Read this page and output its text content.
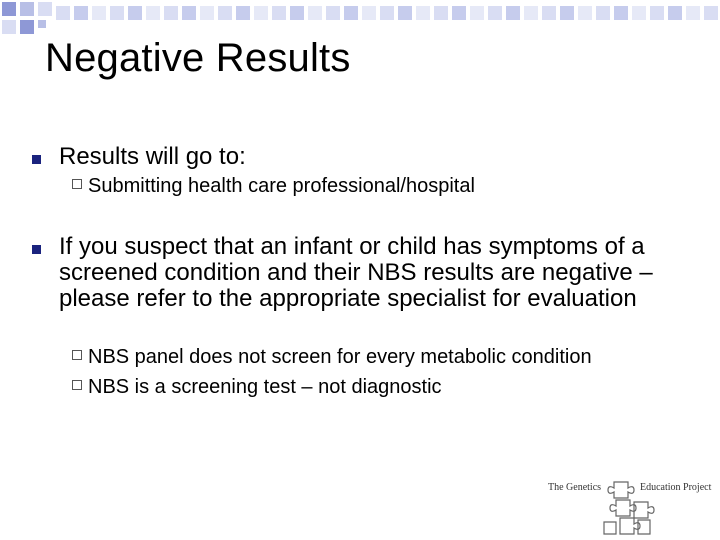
Negative Results
Results will go to:
Submitting health care professional/hospital
If you suspect that an infant or child has symptoms of a screened condition and their NBS results are negative – please refer to the appropriate specialist for evaluation
NBS panel does not screen for every metabolic condition
NBS is a screening test – not diagnostic
The Genetics	Education Project
